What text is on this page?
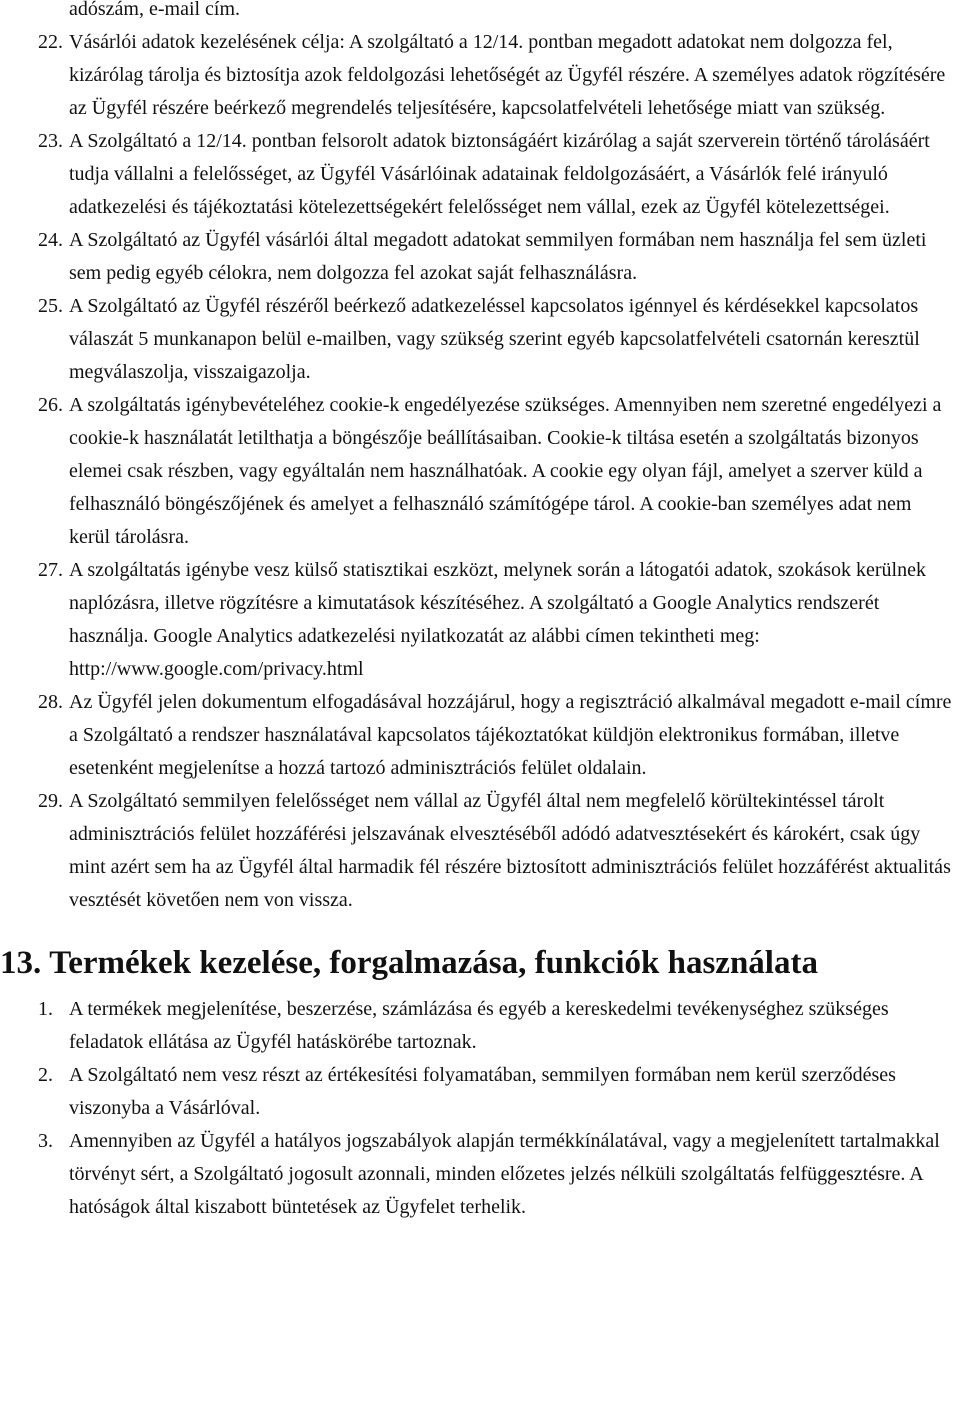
adószám, e-mail cím.
22. Vásárlói adatok kezelésének célja: A szolgáltató a 12/14. pontban megadott adatokat nem dolgozza fel, kizárólag tárolja és biztosítja azok feldolgozási lehetőségét az Ügyfél részére. A személyes adatok rögzítésére az Ügyfél részére beérkező megrendelés teljesítésére, kapcsolatfelvételi lehetősége miatt van szükség.
23. A Szolgáltató a 12/14. pontban felsorolt adatok biztonságáért kizárólag a saját szerverein történő tárolásáért tudja vállalni a felelősséget, az Ügyfél Vásárlóinak adatainak feldolgozásáért, a Vásárlók felé irányuló adatkezelési és tájékoztatási kötelezettségekért felelősséget nem vállal, ezek az Ügyfél kötelezettségei.
24. A Szolgáltató az Ügyfél vásárlói által megadott adatokat semmilyen formában nem használja fel sem üzleti sem pedig egyéb célokra, nem dolgozza fel azokat saját felhasználásra.
25. A Szolgáltató az Ügyfél részéről beérkező adatkezeléssel kapcsolatos igénnyel és kérdésekkel kapcsolatos válaszát 5 munkanapon belül e-mailben, vagy szükség szerint egyéb kapcsolatfelvételi csatornán keresztül megválaszolja, visszaigazolja.
26. A szolgáltatás igénybevételéhez cookie-k engedélyezése szükséges. Amennyiben nem szeretné engedélyezi a cookie-k használatát letilthatja a böngészője beállításaiban. Cookie-k tiltása esetén a szolgáltatás bizonyos elemei csak részben, vagy egyáltalán nem használhatóak. A cookie egy olyan fájl, amelyet a szerver küld a felhasználó böngészőjének és amelyet a felhasználó számítógépe tárol. A cookie-ban személyes adat nem kerül tárolásra.
27. A szolgáltatás igénybe vesz külső statisztikai eszközt, melynek során a látogatói adatok, szokások kerülnek naplózásra, illetve rögzítésre a kimutatások készítéséhez. A szolgáltató a Google Analytics rendszerét használja. Google Analytics adatkezelési nyilatkozatát az alábbi címen tekintheti meg: http://www.google.com/privacy.html
28. Az Ügyfél jelen dokumentum elfogadásával hozzájárul, hogy a regisztráció alkalmával megadott e-mail címre a Szolgáltató a rendszer használatával kapcsolatos tájékoztatókat küldjön elektronikus formában, illetve esetenként megjelenítse a hozzá tartozó adminisztrációs felület oldalain.
29. A Szolgáltató semmilyen felelősséget nem vállal az Ügyfél által nem megfelelő körültekintéssel tárolt adminisztrációs felület hozzáférési jelszavának elvesztéséből adódó adatvesztésekért és károkért, csak úgy mint azért sem ha az Ügyfél által harmadik fél részére biztosított adminisztrációs felület hozzáférést aktualitás vesztését követően nem von vissza.
13. Termékek kezelése, forgalmazása, funkciók használata
1. A termékek megjelenítése, beszerzése, számlázása és egyéb a kereskedelmi tevékenységhez szükséges feladatok ellátása az Ügyfél hatáskörébe tartoznak.
2. A Szolgáltató nem vesz részt az értékesítési folyamatában, semmilyen formában nem kerül szerződéses viszonyba a Vásárlóval.
3. Amennyiben az Ügyfél a hatályos jogszabályok alapján termékkínálatával, vagy a megjelenített tartalmakkal törvényt sért, a Szolgáltató jogosult azonnali, minden előzetes jelzés nélküli szolgáltatás felfüggesztésre. A hatóságok által kiszabott büntetések az Ügyfelet terhelik.
